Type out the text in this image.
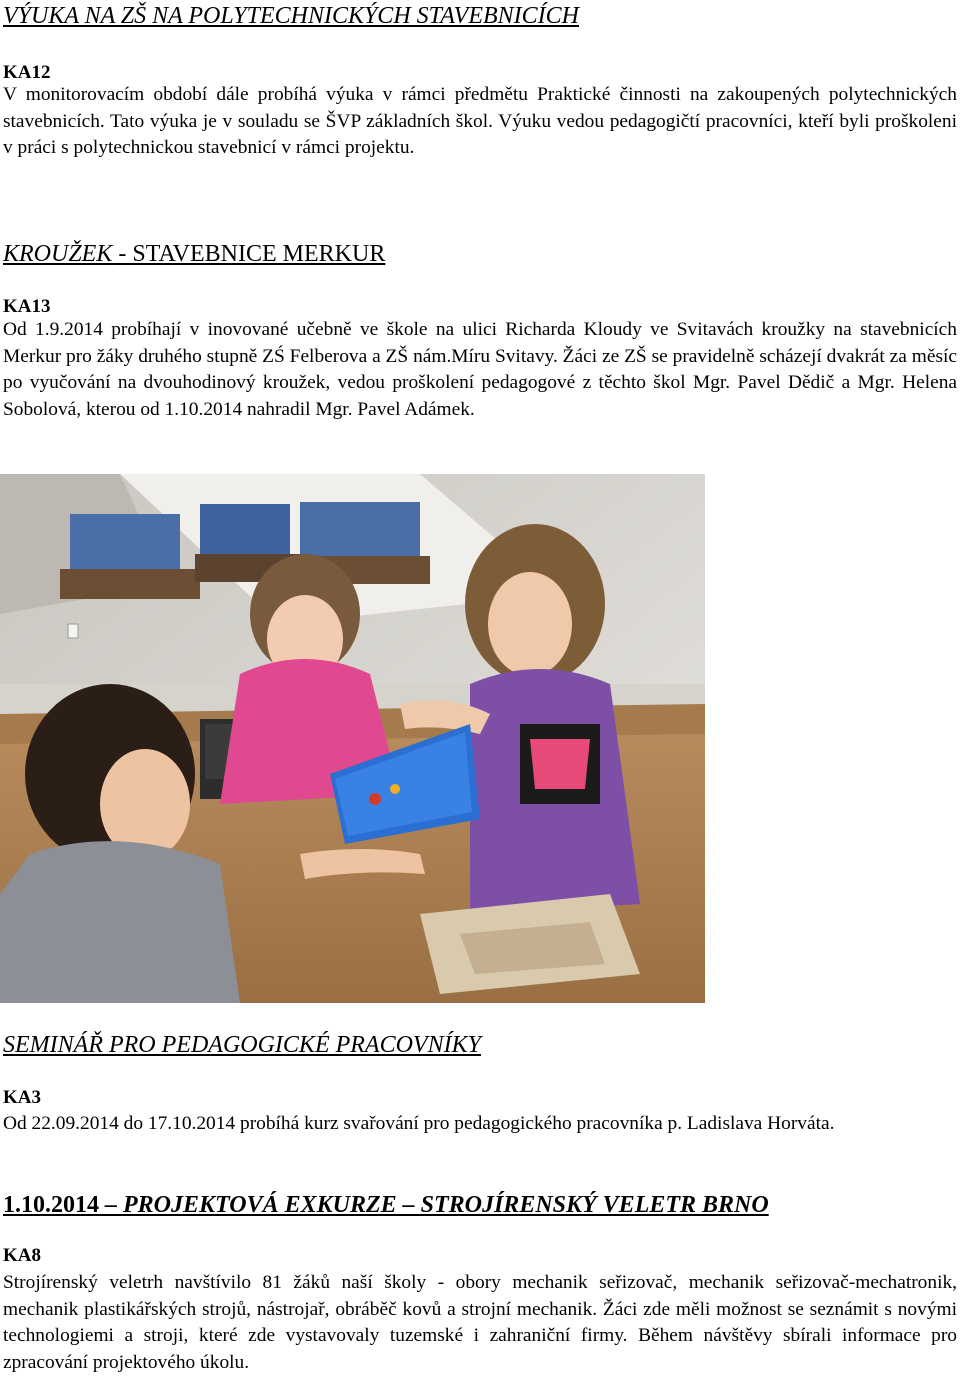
VÝUKA NA ZŠ NA POLYTECHNICKÝCH STAVEBNICÍCH
KA12

V monitorovacím období dále probíhá výuka v rámci předmětu Praktické činnosti na zakoupených polytechnických stavebnicích. Tato výuka je v souladu se ŠVP základních škol. Výuku vedou pedagogičtí pracovníci, kteří byli proškoleni v práci s polytechnickou stavebnicí v rámci projektu.

KROUŽEK - STAVEBNICE MERKUR
KA13

Od 1.9.2014 probíhají v inovované učebně ve škole na ulici Richarda Kloudy ve Svitavách kroužky na stavebnicích Merkur pro žáky druhého stupně ZŚ Felberova a ZŠ nám.Míru Svitavy. Žáci ze ZŠ se pravidelně scházejí dvakrát za měsíc po vyučování na dvouhodinový kroužek, vedou proškolení pedagogové z těchto škol Mgr. Pavel Dědič a Mgr. Helena Sobolová, kterou od 1.10.2014 nahradil Mgr. Pavel Adámek.

SEMINÁŘ PRO PEDAGOGICKÉ PRACOVNÍKY
KA3

Od 22.09.2014 do 17.10.2014 probíhá kurz svařování pro pedagogického pracovníka p. Ladislava Horváta.

1.10.2014 – PROJEKTOVÁ EXKURZE – STROJÍRENSKÝ VELETR BRNO
KA8

Strojírenský veletrh navštívilo 81 žáků naší školy - obory mechanik seřizovač, mechanik seřizovač-mechatronik, mechanik plastikářských strojů, nástrojař, obráběč kovů a strojní mechanik. Žáci zde měli možnost se seznámit s novými technologiemi a stroji, které zde vystavovaly tuzemské i zahraniční firmy. Během návštěvy sbírali informace pro zpracování projektového úkolu.
